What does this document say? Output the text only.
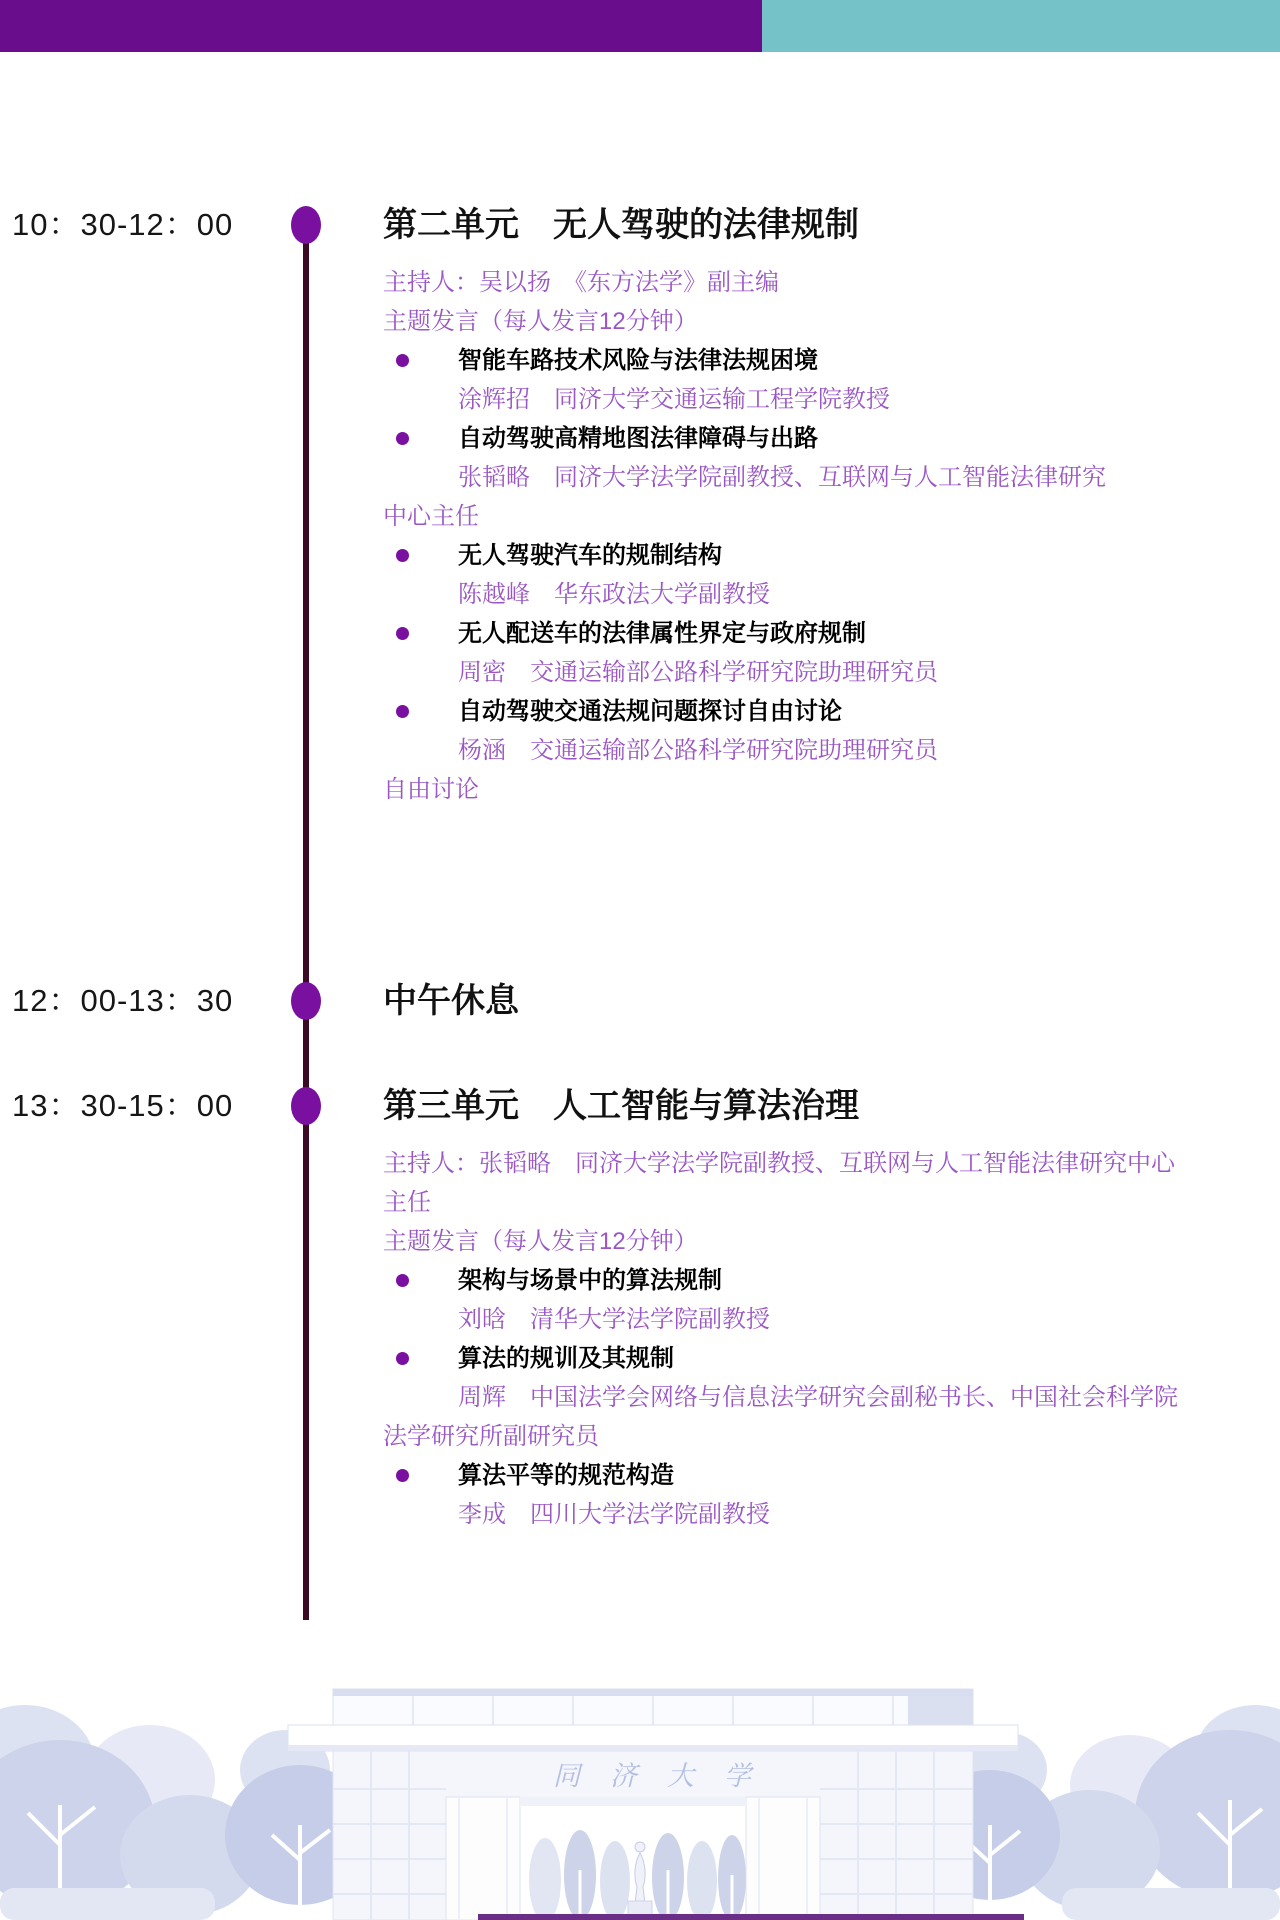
10：30-12：00	第二单元　无人驾驶的法律规制
主持人：吴以扬　《东方法学》副主编
主题发言（每人发言12分钟）
智能车路技术风险与法律法规困境
涂辉招　同济大学交通运输工程学院教授
自动驾驶高精地图法律障碍与出路
张韬略　同济大学法学院副教授、互联网与人工智能法律研究
中心主任
无人驾驶汽车的规制结构
陈越峰　华东政法大学副教授
无人配送车的法律属性界定与政府规制
周密　交通运输部公路科学研究院助理研究员
自动驾驶交通法规问题探讨自由讨论
杨涵　交通运输部公路科学研究院助理研究员
自由讨论
12：00-13：30	中午休息
13：30-15：00	第三单元　人工智能与算法治理
主持人：张韬略　同济大学法学院副教授、互联网与人工智能法律研究中心
主任
主题发言（每人发言12分钟）
架构与场景中的算法规制
刘晗　清华大学法学院副教授
算法的规训及其规制
周辉　中国法学会网络与信息法学研究会副秘书长、中国社会科学院
法学研究所副研究员
算法平等的规范构造
李成　四川大学法学院副教授
同济大学
